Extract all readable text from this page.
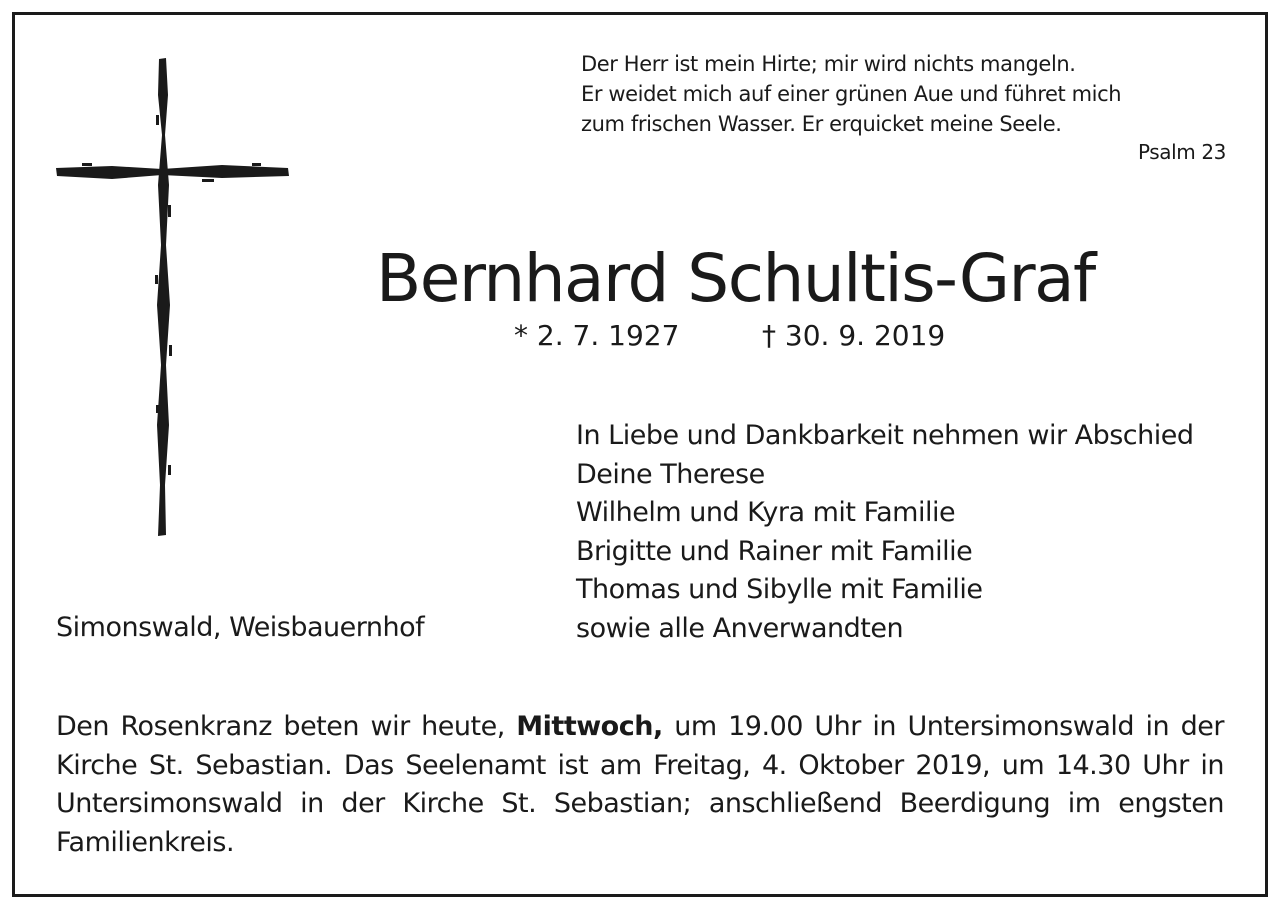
Der Herr ist mein Hirte; mir wird nichts mangeln.
Er weidet mich auf einer grünen Aue und führet mich
zum frischen Wasser. Er erquicket meine Seele.
Psalm 23
Bernhard Schultis-Graf
* 2. 7. 1927	† 30. 9. 2019
In Liebe und Dankbarkeit nehmen wir Abschied
Deine Therese
Wilhelm und Kyra mit Familie
Brigitte und Rainer mit Familie
Thomas und Sibylle mit Familie
sowie alle Anverwandten
Simonswald, Weisbauernhof
Den Rosenkranz beten wir heute, Mittwoch, um 19.00 Uhr in Untersimonswald in der Kirche St. Sebastian. Das Seelenamt ist am Freitag, 4. Oktober 2019, um 14.30 Uhr in Untersimonswald in der Kirche St. Sebastian; anschließend Beerdigung im engsten Familienkreis.
